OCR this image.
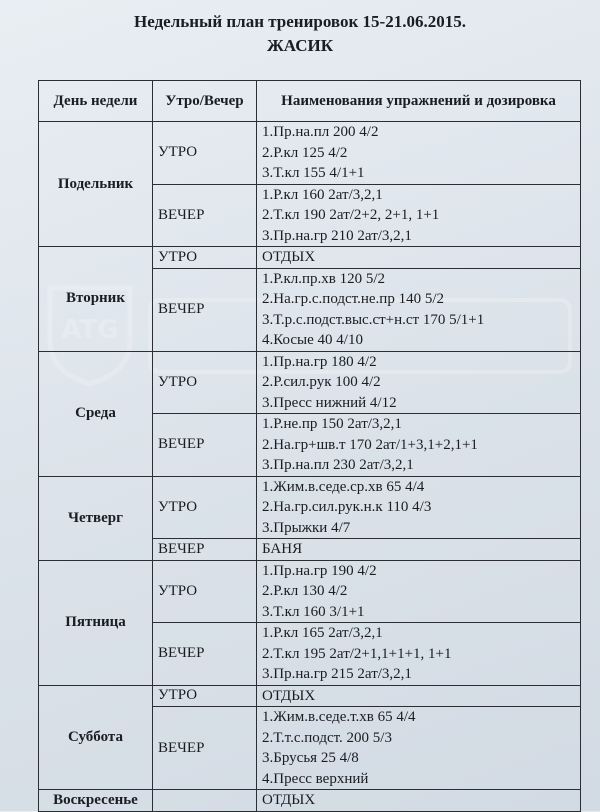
Недельный план тренировок 15-21.06.2015.
ЖАСИК
ATG
День недели	Утро/Вечер	Наименования упражнений и дозировка
Подельник	УТРО	1.Пр.на.пл 200 4/2
2.Р.кл 125 4/2
3.Т.кл 155 4/1+1

	ВЕЧЕР	1.Р.кл 160 2ат/3,2,1
2.Т.кл 190 2ат/2+2, 2+1, 1+1
3.Пр.на.гр 210 2ат/3,2,1

Вторник	УТРО	ОТДЫХ

	ВЕЧЕР	1.Р.кл.пр.хв 120 5/2
2.На.гр.с.подст.не.пр 140 5/2
3.Т.р.с.подст.выс.ст+н.ст 170 5/1+1
4.Косые 40 4/10

Среда	УТРО	1.Пр.на.гр 180 4/2
2.Р.сил.рук 100 4/2
3.Пресс нижний 4/12

	ВЕЧЕР	1.Р.не.пр 150 2ат/3,2,1
2.На.гр+шв.т 170 2ат/1+3,1+2,1+1
3.Пр.на.пл 230 2ат/3,2,1

Четверг	УТРО	1.Жим.в.седе.ср.хв 65 4/4
2.На.гр.сил.рук.н.к 110 4/3
3.Прыжки 4/7

	ВЕЧЕР	БАНЯ

Пятница	УТРО	1.Пр.на.гр 190 4/2
2.Р.кл 130 4/2
3.Т.кл 160 3/1+1

	ВЕЧЕР	1.Р.кл 165 2ат/3,2,1
2.Т.кл 195 2ат/2+1,1+1+1, 1+1
3.Пр.на.гр 215 2ат/3,2,1

Суббота	УТРО	ОТДЫХ

	ВЕЧЕР	1.Жим.в.седе.т.хв 65 4/4
2.Т.т.с.подст. 200 5/3
3.Брусья 25 4/8
4.Пресс верхний

Воскресенье		ОТДЫХ
